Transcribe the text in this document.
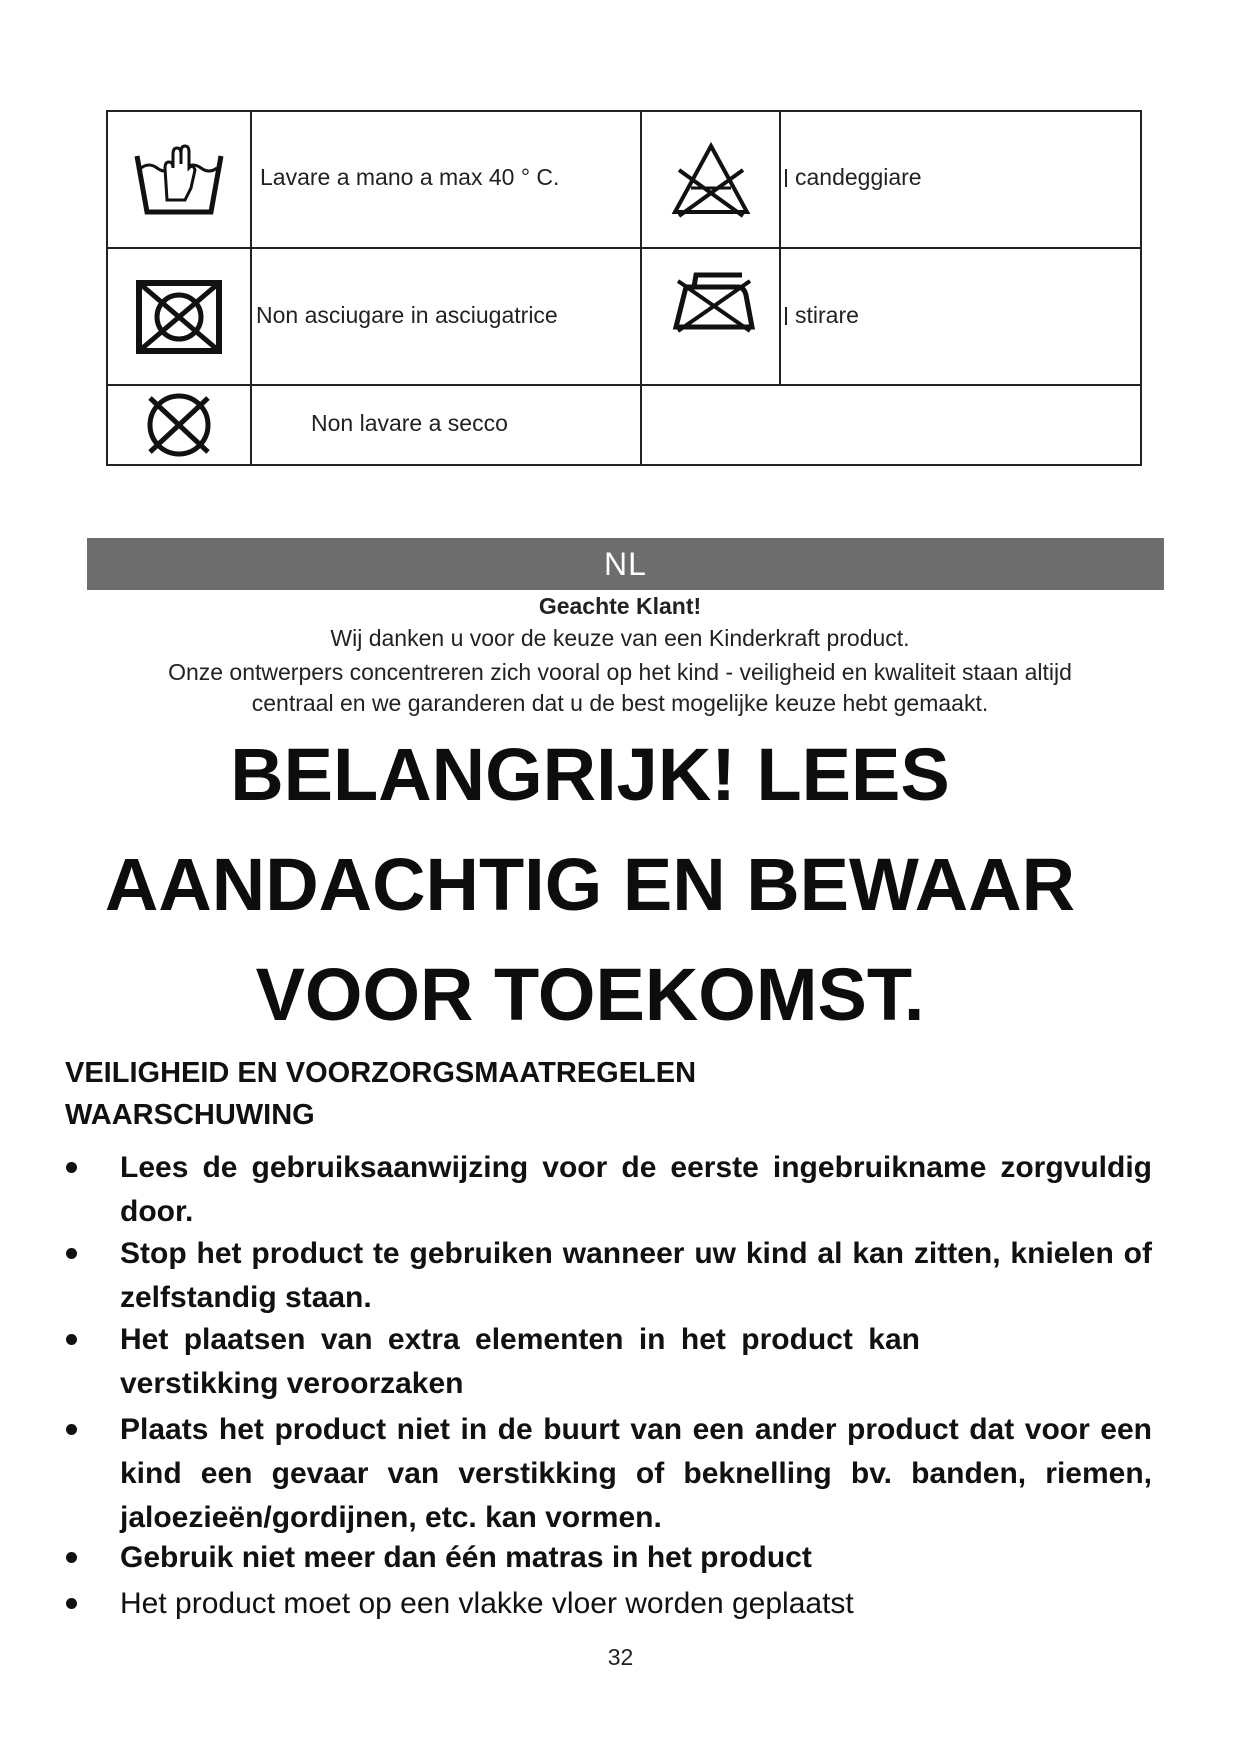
Lavare a mano a max 40 ° C.	candeggiare
Non asciugare in asciugatrice	stirare
Non lavare a secco
NL
Geachte Klant!
Wij danken u voor de keuze van een Kinderkraft product.
Onze ontwerpers concentreren zich vooral op het kind - veiligheid en kwaliteit staan altijd
centraal en we garanderen dat u de best mogelijke keuze hebt gemaakt.
BELANGRIJK! LEES
AANDACHTIG EN BEWAAR
VOOR TOEKOMST.
VEILIGHEID EN VOORZORGSMAATREGELEN
WAARSCHUWING
Lees de gebruiksaanwijzing voor de eerste ingebruikname zorgvuldig door.
Stop het product te gebruiken wanneer uw kind al kan zitten, knielen of zelfstandig staan.
Het plaatsen van extra elementen in het product kan verstikking veroorzaken
Plaats het product niet in de buurt van een ander product dat voor een kind een gevaar van verstikking of beknelling bv. banden, riemen, jaloezieën/gordijnen, etc. kan vormen.
Gebruik niet meer dan één matras in het product
Het product moet op een vlakke vloer worden geplaatst
32
